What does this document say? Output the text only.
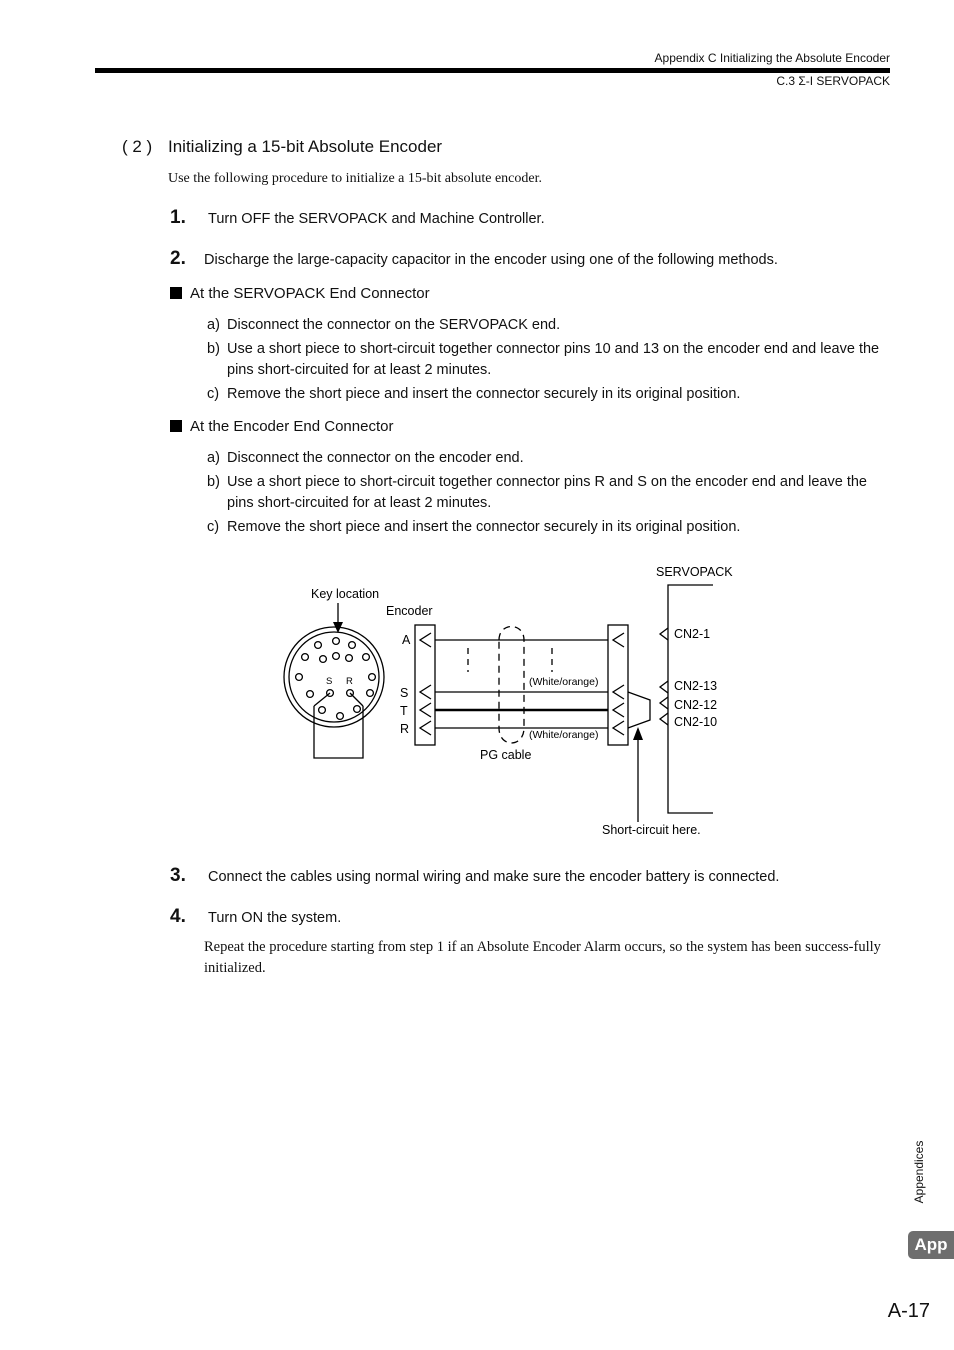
Appendix C Initializing the Absolute Encoder
C.3 Σ-I SERVOPACK
( 2 ) Initializing a 15-bit Absolute Encoder
Use the following procedure to initialize a 15-bit absolute encoder.
1. Turn OFF the SERVOPACK and Machine Controller.
2. Discharge the large-capacity capacitor in the encoder using one of the following methods.
At the SERVOPACK End Connector
a) Disconnect the connector on the SERVOPACK end.
b) Use a short piece to short-circuit together connector pins 10 and 13 on the encoder end and leave the pins short-circuited for at least 2 minutes.
c) Remove the short piece and insert the connector securely in its original position.
At the Encoder End Connector
a) Disconnect the connector on the encoder end.
b) Use a short piece to short-circuit together connector pins R and S on the encoder end and leave the pins short-circuited for at least 2 minutes.
c) Remove the short piece and insert the connector securely in its original position.
SERVOPACK
Key location
Encoder
A
S
T
R
S R	(White/orange)
(White/orange)
PG cable
CN2-1
CN2-13
CN2-12
CN2-10
Short-circuit here.
3. Connect the cables using normal wiring and make sure the encoder battery is connected.
4. Turn ON the system.
Repeat the procedure starting from step 1 if an Absolute Encoder Alarm occurs, so the system has been success-fully initialized.
Appendices
App
A-17
